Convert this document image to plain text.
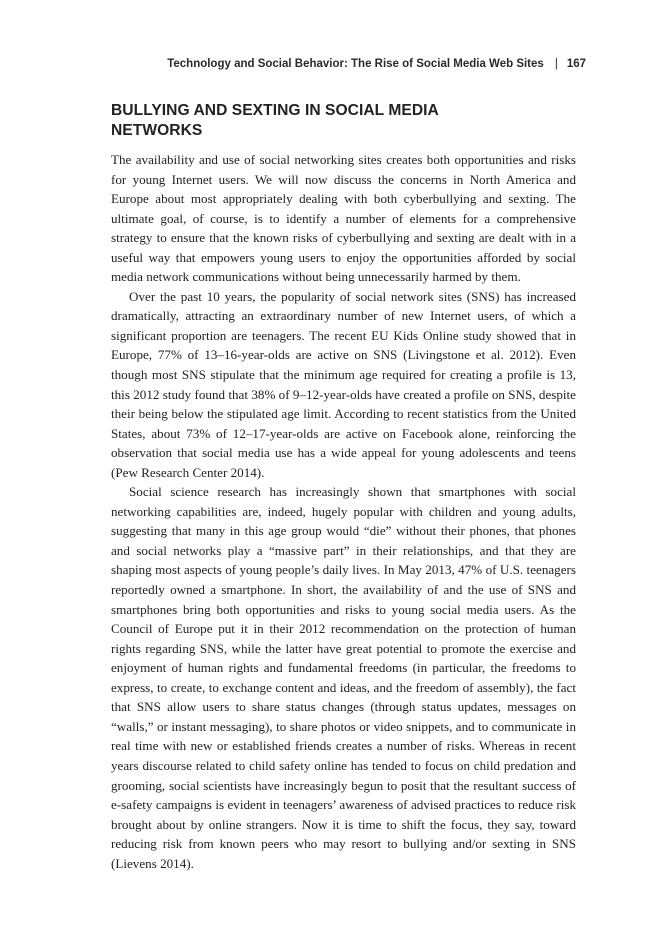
Technology and Social Behavior: The Rise of Social Media Web Sites | 167
BULLYING AND SEXTING IN SOCIAL MEDIA NETWORKS

The availability and use of social networking sites creates both opportunities and risks for young Internet users. We will now discuss the concerns in North America and Europe about most appropriately dealing with both cyberbullying and sexting. The ultimate goal, of course, is to identify a number of elements for a comprehensive strategy to ensure that the known risks of cyberbullying and sexting are dealt with in a useful way that empowers young users to enjoy the opportunities afforded by social media network communications without being unnecessarily harmed by them.

Over the past 10 years, the popularity of social network sites (SNS) has increased dramatically, attracting an extraordinary number of new Internet users, of which a significant proportion are teenagers. The recent EU Kids Online study showed that in Europe, 77% of 13–16-year-olds are active on SNS (Livingstone et al. 2012). Even though most SNS stipulate that the minimum age required for creating a profile is 13, this 2012 study found that 38% of 9–12-year-olds have created a profile on SNS, despite their being below the stipulated age limit. According to recent statistics from the United States, about 73% of 12–17-year-olds are active on Facebook alone, reinforcing the observation that social media use has a wide appeal for young adolescents and teens (Pew Research Center 2014).

Social science research has increasingly shown that smartphones with social networking capabilities are, indeed, hugely popular with children and young adults, suggesting that many in this age group would “die” without their phones, that phones and social networks play a “massive part” in their relationships, and that they are shaping most aspects of young people’s daily lives. In May 2013, 47% of U.S. teenagers reportedly owned a smartphone. In short, the availability of and the use of SNS and smartphones bring both opportunities and risks to young social media users. As the Council of Europe put it in their 2012 recommendation on the protection of human rights regarding SNS, while the latter have great potential to promote the exercise and enjoyment of human rights and fundamental freedoms (in particular, the freedoms to express, to create, to exchange content and ideas, and the freedom of assembly), the fact that SNS allow users to share status changes (through status updates, messages on “walls,” or instant messaging), to share photos or video snippets, and to communicate in real time with new or established friends creates a number of risks. Whereas in recent years discourse related to child safety online has tended to focus on child predation and grooming, social scientists have increasingly begun to posit that the resultant success of e-safety campaigns is evident in teenagers’ awareness of advised practices to reduce risk brought about by online strangers. Now it is time to shift the focus, they say, toward reducing risk from known peers who may resort to bullying and/or sexting in SNS (Lievens 2014).
